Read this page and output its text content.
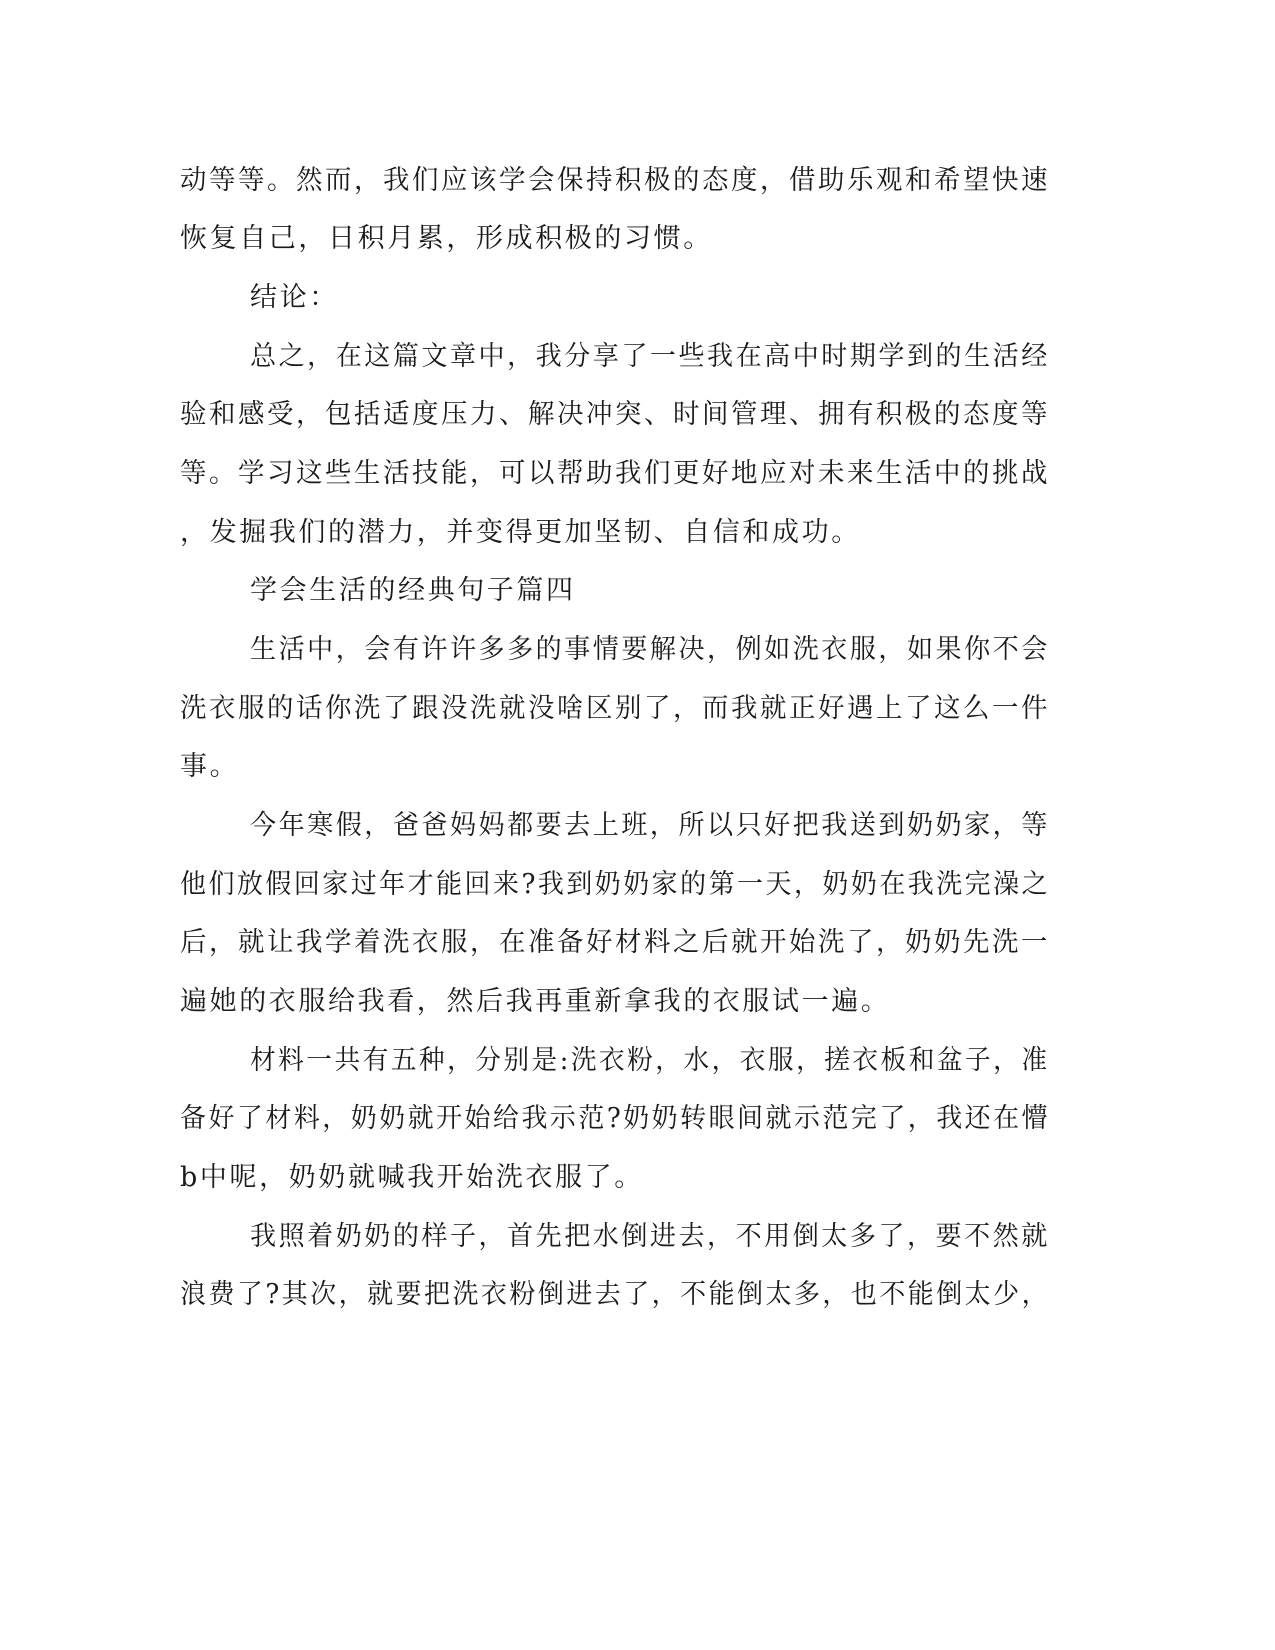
动等等。然而，我们应该学会保持积极的态度，借助乐观和希望快速
恢复自己，日积月累，形成积极的习惯。
结论：
总之，在这篇文章中，我分享了一些我在高中时期学到的生活经
验和感受，包括适度压力、解决冲突、时间管理、拥有积极的态度等
等。学习这些生活技能，可以帮助我们更好地应对未来生活中的挑战
，发掘我们的潜力，并变得更加坚韧、自信和成功。
学会生活的经典句子篇四
生活中，会有许许多多的事情要解决，例如洗衣服，如果你不会
洗衣服的话你洗了跟没洗就没啥区别了，而我就正好遇上了这么一件
事。
今年寒假，爸爸妈妈都要去上班，所以只好把我送到奶奶家，等
他们放假回家过年才能回来?我到奶奶家的第一天，奶奶在我洗完澡之
后，就让我学着洗衣服，在准备好材料之后就开始洗了，奶奶先洗一
遍她的衣服给我看，然后我再重新拿我的衣服试一遍。
材料一共有五种，分别是:洗衣粉，水，衣服，搓衣板和盆子，准
备好了材料，奶奶就开始给我示范?奶奶转眼间就示范完了，我还在懵
b中呢，奶奶就喊我开始洗衣服了。
我照着奶奶的样子，首先把水倒进去，不用倒太多了，要不然就
浪费了?其次，就要把洗衣粉倒进去了，不能倒太多，也不能倒太少，
